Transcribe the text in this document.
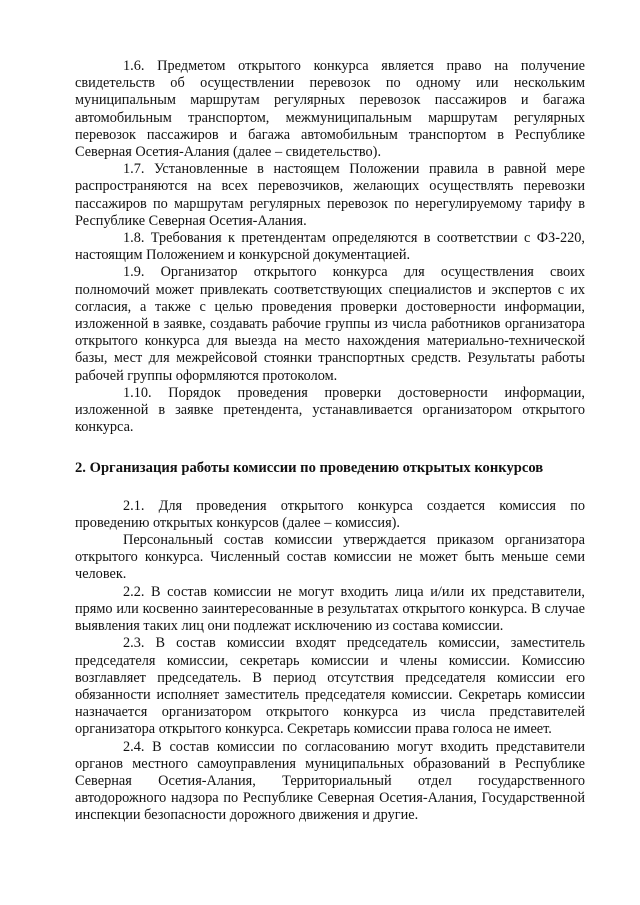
1.6. Предметом открытого конкурса является право на получение свидетельств об осуществлении перевозок по одному или нескольким муниципальным маршрутам регулярных перевозок пассажиров и багажа автомобильным транспортом, межмуниципальным маршрутам регулярных перевозок пассажиров и багажа автомобильным транспортом в Республике Северная Осетия-Алания (далее – свидетельство).

1.7. Установленные в настоящем Положении правила в равной мере распространяются на всех перевозчиков, желающих осуществлять перевозки пассажиров по маршрутам регулярных перевозок по нерегулируемому тарифу в Республике Северная Осетия-Алания.

1.8. Требования к претендентам определяются в соответствии с ФЗ-220, настоящим Положением и конкурсной документацией.

1.9. Организатор открытого конкурса для осуществления своих полномочий может привлекать соответствующих специалистов и экспертов с их согласия, а также с целью проведения проверки достоверности информации, изложенной в заявке, создавать рабочие группы из числа работников организатора открытого конкурса для выезда на место нахождения материально-технической базы, мест для межрейсовой стоянки транспортных средств. Результаты работы рабочей группы оформляются протоколом.

1.10. Порядок проведения проверки достоверности информации, изложенной в заявке претендента, устанавливается организатором открытого конкурса.

2. Организация работы комиссии по проведению открытых конкурсов

2.1. Для проведения открытого конкурса создается комиссия по проведению открытых конкурсов (далее – комиссия).

Персональный состав комиссии утверждается приказом организатора открытого конкурса. Численный состав комиссии не может быть меньше семи человек.

2.2. В состав комиссии не могут входить лица и/или их представители, прямо или косвенно заинтересованные в результатах открытого конкурса. В случае выявления таких лиц они подлежат исключению из состава комиссии.

2.3. В состав комиссии входят председатель комиссии, заместитель председателя комиссии, секретарь комиссии и члены комиссии. Комиссию возглавляет председатель. В период отсутствия председателя комиссии его обязанности исполняет заместитель председателя комиссии. Секретарь комиссии назначается организатором открытого конкурса из числа представителей организатора открытого конкурса. Секретарь комиссии права голоса не имеет.

2.4. В состав комиссии по согласованию могут входить представители органов местного самоуправления муниципальных образований в Республике Северная Осетия-Алания, Территориальный отдел государственного автодорожного надзора по Республике Северная Осетия-Алания, Государственной инспекции безопасности дорожного движения и другие.
